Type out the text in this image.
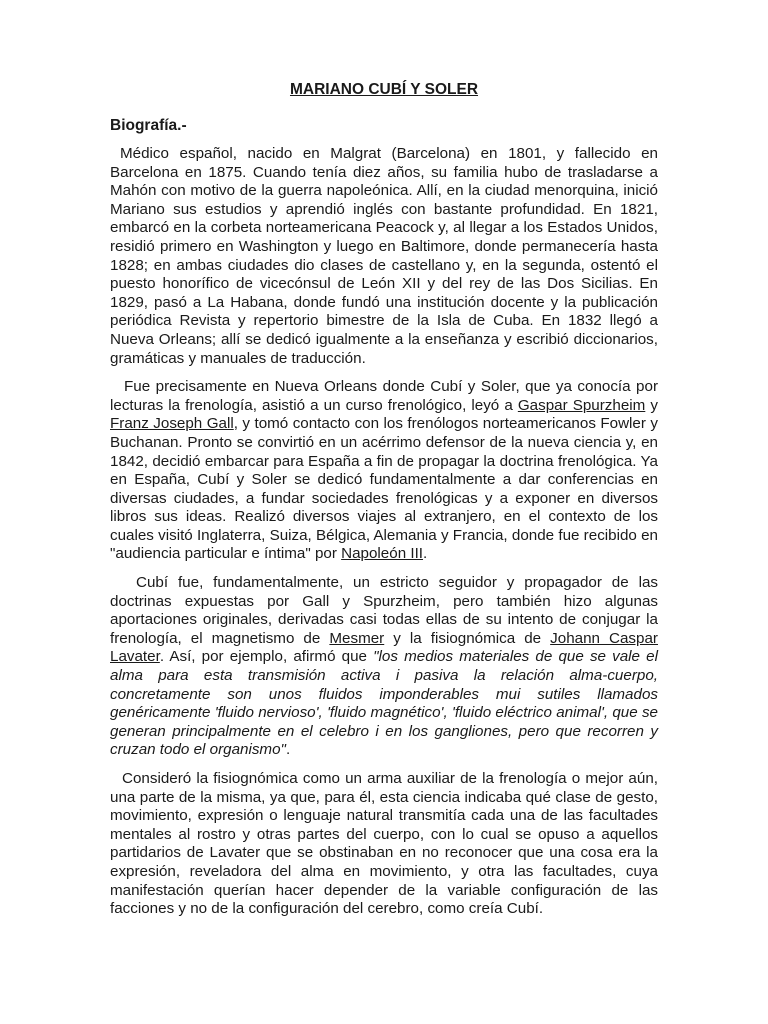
MARIANO CUBÍ Y SOLER
Biografía.-

Médico español, nacido en Malgrat (Barcelona) en 1801, y fallecido en Barcelona en 1875. Cuando tenía diez años, su familia hubo de trasladarse a Mahón con motivo de la guerra napoleónica. Allí, en la ciudad menorquina, inició Mariano sus estudios y aprendió inglés con bastante profundidad. En 1821, embarcó en la corbeta norteamericana Peacock y, al llegar a los Estados Unidos, residió primero en Washington y luego en Baltimore, donde permanecería hasta 1828; en ambas ciudades dio clases de castellano y, en la segunda, ostentó el puesto honorífico de vicecónsul de León XII y del rey de las Dos Sicilias. En 1829, pasó a La Habana, donde fundó una institución docente y la publicación periódica Revista y repertorio bimestre de la Isla de Cuba. En 1832 llegó a Nueva Orleans; allí se dedicó igualmente a la enseñanza y escribió diccionarios, gramáticas y manuales de traducción.

Fue precisamente en Nueva Orleans donde Cubí y Soler, que ya conocía por lecturas la frenología, asistió a un curso frenológico, leyó a Gaspar Spurzheim y Franz Joseph Gall, y tomó contacto con los frenólogos norteamericanos Fowler y Buchanan. Pronto se convirtió en un acérrimo defensor de la nueva ciencia y, en 1842, decidió embarcar para España a fin de propagar la doctrina frenológica. Ya en España, Cubí y Soler se dedicó fundamentalmente a dar conferencias en diversas ciudades, a fundar sociedades frenológicas y a exponer en diversos libros sus ideas. Realizó diversos viajes al extranjero, en el contexto de los cuales visitó Inglaterra, Suiza, Bélgica, Alemania y Francia, donde fue recibido en "audiencia particular e íntima" por Napoleón III.

Cubí fue, fundamentalmente, un estricto seguidor y propagador de las doctrinas expuestas por Gall y Spurzheim, pero también hizo algunas aportaciones originales, derivadas casi todas ellas de su intento de conjugar la frenología, el magnetismo de Mesmer y la fisiognómica de Johann Caspar Lavater. Así, por ejemplo, afirmó que "los medios materiales de que se vale el alma para esta transmisión activa i pasiva la relación alma-cuerpo, concretamente son unos fluidos imponderables mui sutiles llamados genéricamente 'fluido nervioso', 'fluido magnético', 'fluido eléctrico animal', que se generan principalmente en el celebro i en los gangliones, pero que recorren y cruzan todo el organismo".

Consideró la fisiognómica como un arma auxiliar de la frenología o mejor aún, una parte de la misma, ya que, para él, esta ciencia indicaba qué clase de gesto, movimiento, expresión o lenguaje natural transmitía cada una de las facultades mentales al rostro y otras partes del cuerpo, con lo cual se opuso a aquellos partidarios de Lavater que se obstinaban en no reconocer que una cosa era la expresión, reveladora del alma en movimiento, y otra las facultades, cuya manifestación querían hacer depender de la variable configuración de las facciones y no de la configuración del cerebro, como creía Cubí.
